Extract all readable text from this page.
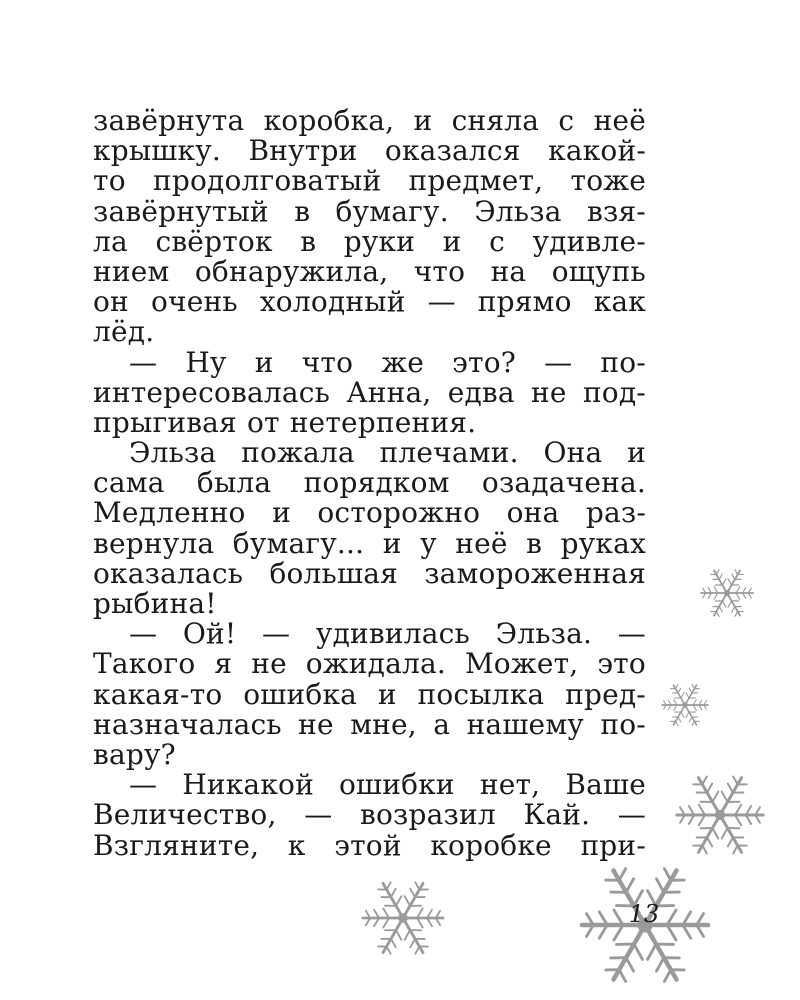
завёрнута коробка, и сняла с неё
крышку. Внутри оказался какой-
то продолговатый предмет, тоже
завёрнутый в бумагу. Эльза взя-
ла свёрток в руки и с удивле-
нием обнаружила, что на ощупь
он очень холодный — прямо как
лёд.
— Ну и что же это? — по-
интересовалась Анна, едва не под-
прыгивая от нетерпения.
Эльза пожала плечами. Она и
сама была порядком озадачена.
Медленно и осторожно она раз-
вернула бумагу... и у неё в руках
оказалась большая замороженная
рыбина!
— Ой! — удивилась Эльза. —
Такого я не ожидала. Может, это
какая-то ошибка и посылка пред-
назначалась не мне, а нашему по-
вару?
— Никакой ошибки нет, Ваше
Величество, — возразил Кай. —
Взгляните, к этой коробке при-
13
